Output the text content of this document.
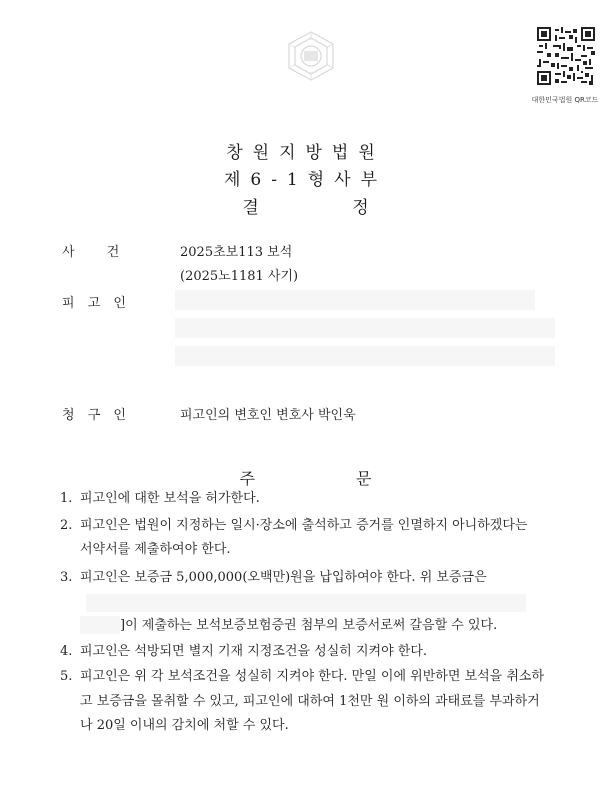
대한민국법원 QR코드
창원지방법원
제6-1형사부
결 정
사 건	2025초보113 보석
(2025노1181 사기)
피 고 인
청 구 인	피고인의 변호인 변호사 박인욱
주 문
1. 피고인에 대한 보석을 허가한다.
2. 피고인은 법원이 지정하는 일시·장소에 출석하고 증거를 인멸하지 아니하겠다는
서약서를 제출하여야 한다.
3. 피고인은 보증금 5,000,000(오백만)원을 납입하여야 한다. 위 보증금은
]이 제출하는 보석보증보험증권 첨부의 보증서로써 갈음할 수 있다.
4. 피고인은 석방되면 별지 기재 지정조건을 성실히 지켜야 한다.
5. 피고인은 위 각 보석조건을 성실히 지켜야 한다. 만일 이에 위반하면 보석을 취소하
고 보증금을 몰취할 수 있고, 피고인에 대하여 1천만 원 이하의 과태료를 부과하거
나 20일 이내의 감치에 처할 수 있다.
